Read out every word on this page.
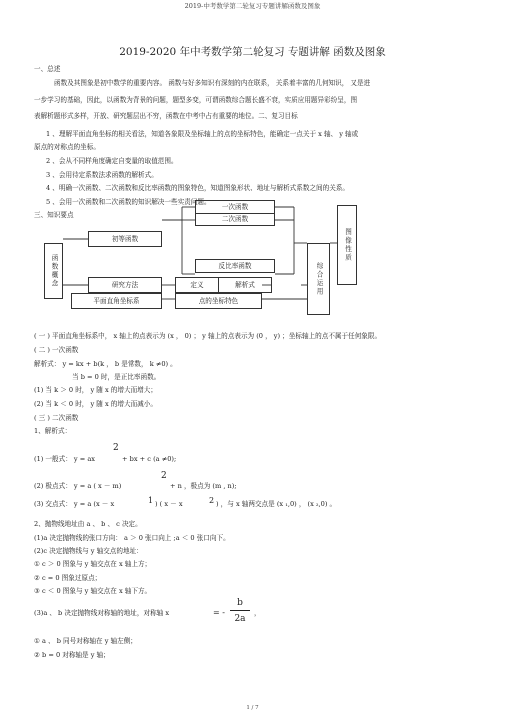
2019-中考数学第二轮复习专题讲解函数及图象
2019-2020 年中考数学第二轮复习 专题讲解 函数及图象
一、总述
函数及其图象是初中数学的重要内容。 函数与好多知识有深刻的内在联系， 关系着丰富的几何知识， 又是进
一步学习的基础，因此，以函数为背景的问题，题型多变，可谓函数综合题长盛不衰，实质应用题异彩纷呈，图
表解析题形式多样，开放、研究题层出不穷，函数在中考中占有重要的地位。二、复习目标
1 、理解平面直角坐标的相关看法，知道各象限及坐标轴上的点的坐标特色，能确定一点关于 x 轴、 y 轴或
原点的对称点的坐标。
2 、会从不同样角度确定自变量的取值范围。
3 、会用待定系数法求函数的解析式。
4 、明确一次函数、二次函数和反比率函数的图象特色，知道图象形状、地址与解析式系数之间的关系。
5 、会用一次函数和二次函数的知识解决一些实责问题。
三、知识要点
函数概念
初等函数
一次函数
二次函数
反比率函数
研究方法	定义	解析式
平面直角坐标系	点的坐标特色
综合运用
图像性质
( 一 ) 平面直角坐标系中， x 轴上的点表示为 (x ， 0) ； y 轴上的点表示为 (0 ， y) ；坐标轴上的点不属于任何象限。
( 二 ) 一次函数
解析式： y = kx + b(k ， b 是常数， k ≠0) 。
当 b = 0 时，是正比率函数。
(1) 当 k ＞ 0 时， y 随 x 的增大而增大；
(2) 当 k ＜ 0 时， y 随 x 的增大而减小。
( 三 ) 二次函数
1、解析式：
(1) 一般式： y = ax
2
+ bx + c (a ≠0);
(2) 极点式： y = a ( x － m)
2
+ n ，极点为 (m , n);
(3) 交点式： y = a (x － x	1 ) ( x － x	2 ) ，与 x 轴两交点是 (x ₁,0) ， (x ₂,0) 。
2、抛物线地址由 a 、 b 、 c 决定。
(1)a 决定抛物线的张口方向： a ＞ 0 张口向上 ;a ＜ 0 张口向下。
(2)c 决定抛物线与 y 轴交点的地址：
① c ＞ 0 图象与 y 轴交点在 x 轴上方；
② c = 0 图象过原点；
③ c ＜ 0 图象与 y 轴交点在 x 轴下方。
(3)a 、 b 决定抛物线对称轴的地址，对称轴 x	= - $\frac{b}{2a}$ ，
① a 、 b 同号对称轴在 y 轴左侧；
② b = 0 对称轴是 y 轴；
1 / 7
